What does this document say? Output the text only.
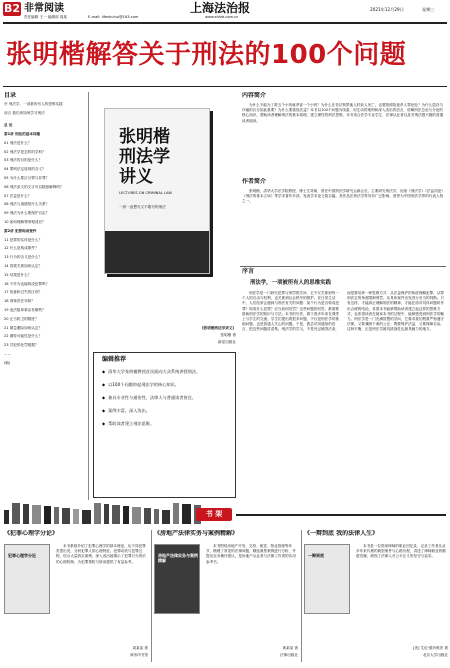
B2 非常阅读
责任编辑 王一 编辑部 周某	E-mail: lifeshuhui@163.com
上海法治报
www.shfzb.com.cn
2021年12月29日	星期三
张明楷解答关于刑法的100个问题
目录
序 刑法学，一项被所有人的思维实践
前言 我们该如何学习刑法
总 论
第1讲 刑法的基本问题
01 刑法是什么？
02 刑法学是怎样的学科？
03 刑法的目的是什么？
04 罪刑法定原则的含义？
05 为什么要区分罪与非罪？
06 刑法条文的文字可以随意解释吗？
07 法益是什么？
08 刑法与道德是什么关系？
09 刑法为什么要保护自由？
10 如何理解罪刑相适应？
第2讲 犯罪构成要件
11 犯罪的实体是什么？
12 什么是构成要件？
13 行为的含义是什么？
14 因果关系如何认定？
15 结果是什么？
16 不作为也能构成犯罪吗？
17 故意和过失的区别？
18 刑事责任年龄？
19 违法阻却事由有哪些？
20 正当防卫的限度？
21 紧急避险如何认定？
22 期待可能性是什么？
23 共犯的处罚根据？
……
(略)
张明楷刑法学讲义
LECTURES ON CRIMINAL LAW
一套一直想写又不敢写的刑法
《张明楷刑法学讲义》
张明楷 著
新星出版社
编辑推荐
◆ 清华大学张明楷教授首次面向大众系统讲授刑法。
◆ 以100个问题串起刑法学的核心知识。
◆ 兼具专业性与通俗性，法律人与普通读者皆宜。
◆ 案例丰富，深入浅出。
◆ 帮助读者建立刑法思维。
内容简介
为什么不能为了救五个小孩就杀害一个小孩？为什么在非法拘禁他人时致人死亡，也要按照故意杀人罪论处？为什么盗窃与诈骗的区分如此重要？为什么要重视法益？本书以100个问题为线索，用生动的案例和深入浅出的语言，讲解刑法总论与分论的核心知识，帮助读者理解刑法的基本原理，建立理性的刑法思维。本书适合法学专业学生、法律从业者以及对刑法感兴趣的普通读者阅读。
作者简介
张明楷，清华大学法学院教授、博士生导师，曾任中国刑法学研究会副会长。主要研究刑法学，出版《刑法学》《法益初论》《刑法的基本立场》等学术著作多部，发表学术论文数百篇，其作品在刑法学界具有广泛影响，被誉为中国刑法学界的代表人物之一。
序言
刑法学，一项被所有人的思维实践
刑法学是一门研究犯罪与刑罚的学问，它不仅关系到每一个人的自由与权利，也关系到社会秩序的维护。在日常生活中，人们经常会遇到与刑法有关的问题：某个行为是否构成犯罪？构成什么犯罪？应当如何处罚？这些问题的回答，都需要借助刑法学的知识与方法。本书的写作，源于我多年来在课堂上与学生的交流。学生们提出的很多问题，不仅是刑法学的基础问题，也是普通人关心的问题。于是，我尝试用通俗的语言，把这些问题讲清楚。刑法学的学习，不是死记硬背法条，而是要培养一种思维方式：从法益保护的角度理解犯罪，从罪刑法定的角度限制刑罚，从具体案件出发进行妥当的判断。只有这样，才能真正理解刑法的精神，才能在面对具体问题时作出合理的结论。希望本书能够帮助读者建立起这样的思维方式，也希望读者在阅读本书的过程中，能够感受到刑法学的魅力。刑法学是一门充满智慧的学问，它要求我们既要严格遵守法律，又要兼顾个案的公正；既要保护法益，又要保障自由。这种平衡，正是刑法学最具挑战性也最具魅力的地方。
书 架
《犯罪心理学分论》
犯罪心理学分论
本书系统介绍了犯罪心理学的基本理论，从不同犯罪类型出发，分析犯罪人的心理特征、犯罪动机与犯罪过程，结合大量真实案例，深入浅出地揭示了犯罪行为背后的心理机制，为犯罪预防与矫治提供了有益参考。
周某某 著
商务印书馆
《房地产法律实务与案例精解》
房地产法律实务与案例精解
本书围绕房地产开发、交易、租赁、物业管理等环节，梳理了常见的法律问题，精选典型案例进行分析，并提出实务操作建议，是房地产从业者与法律工作者的实用参考书。
黄某某 著
法律出版社
《一辩到底 我的法律人生》
一辩到底
本书是一位资深律师的职业回忆录，记录了作者从业多年来代理的典型案件与心路历程，讲述了律师职业的酸甜苦辣，展现了法律人对公平正义的坚守与追求。
[美] 艾伦·德肖维茨 著
北京大学出版社
